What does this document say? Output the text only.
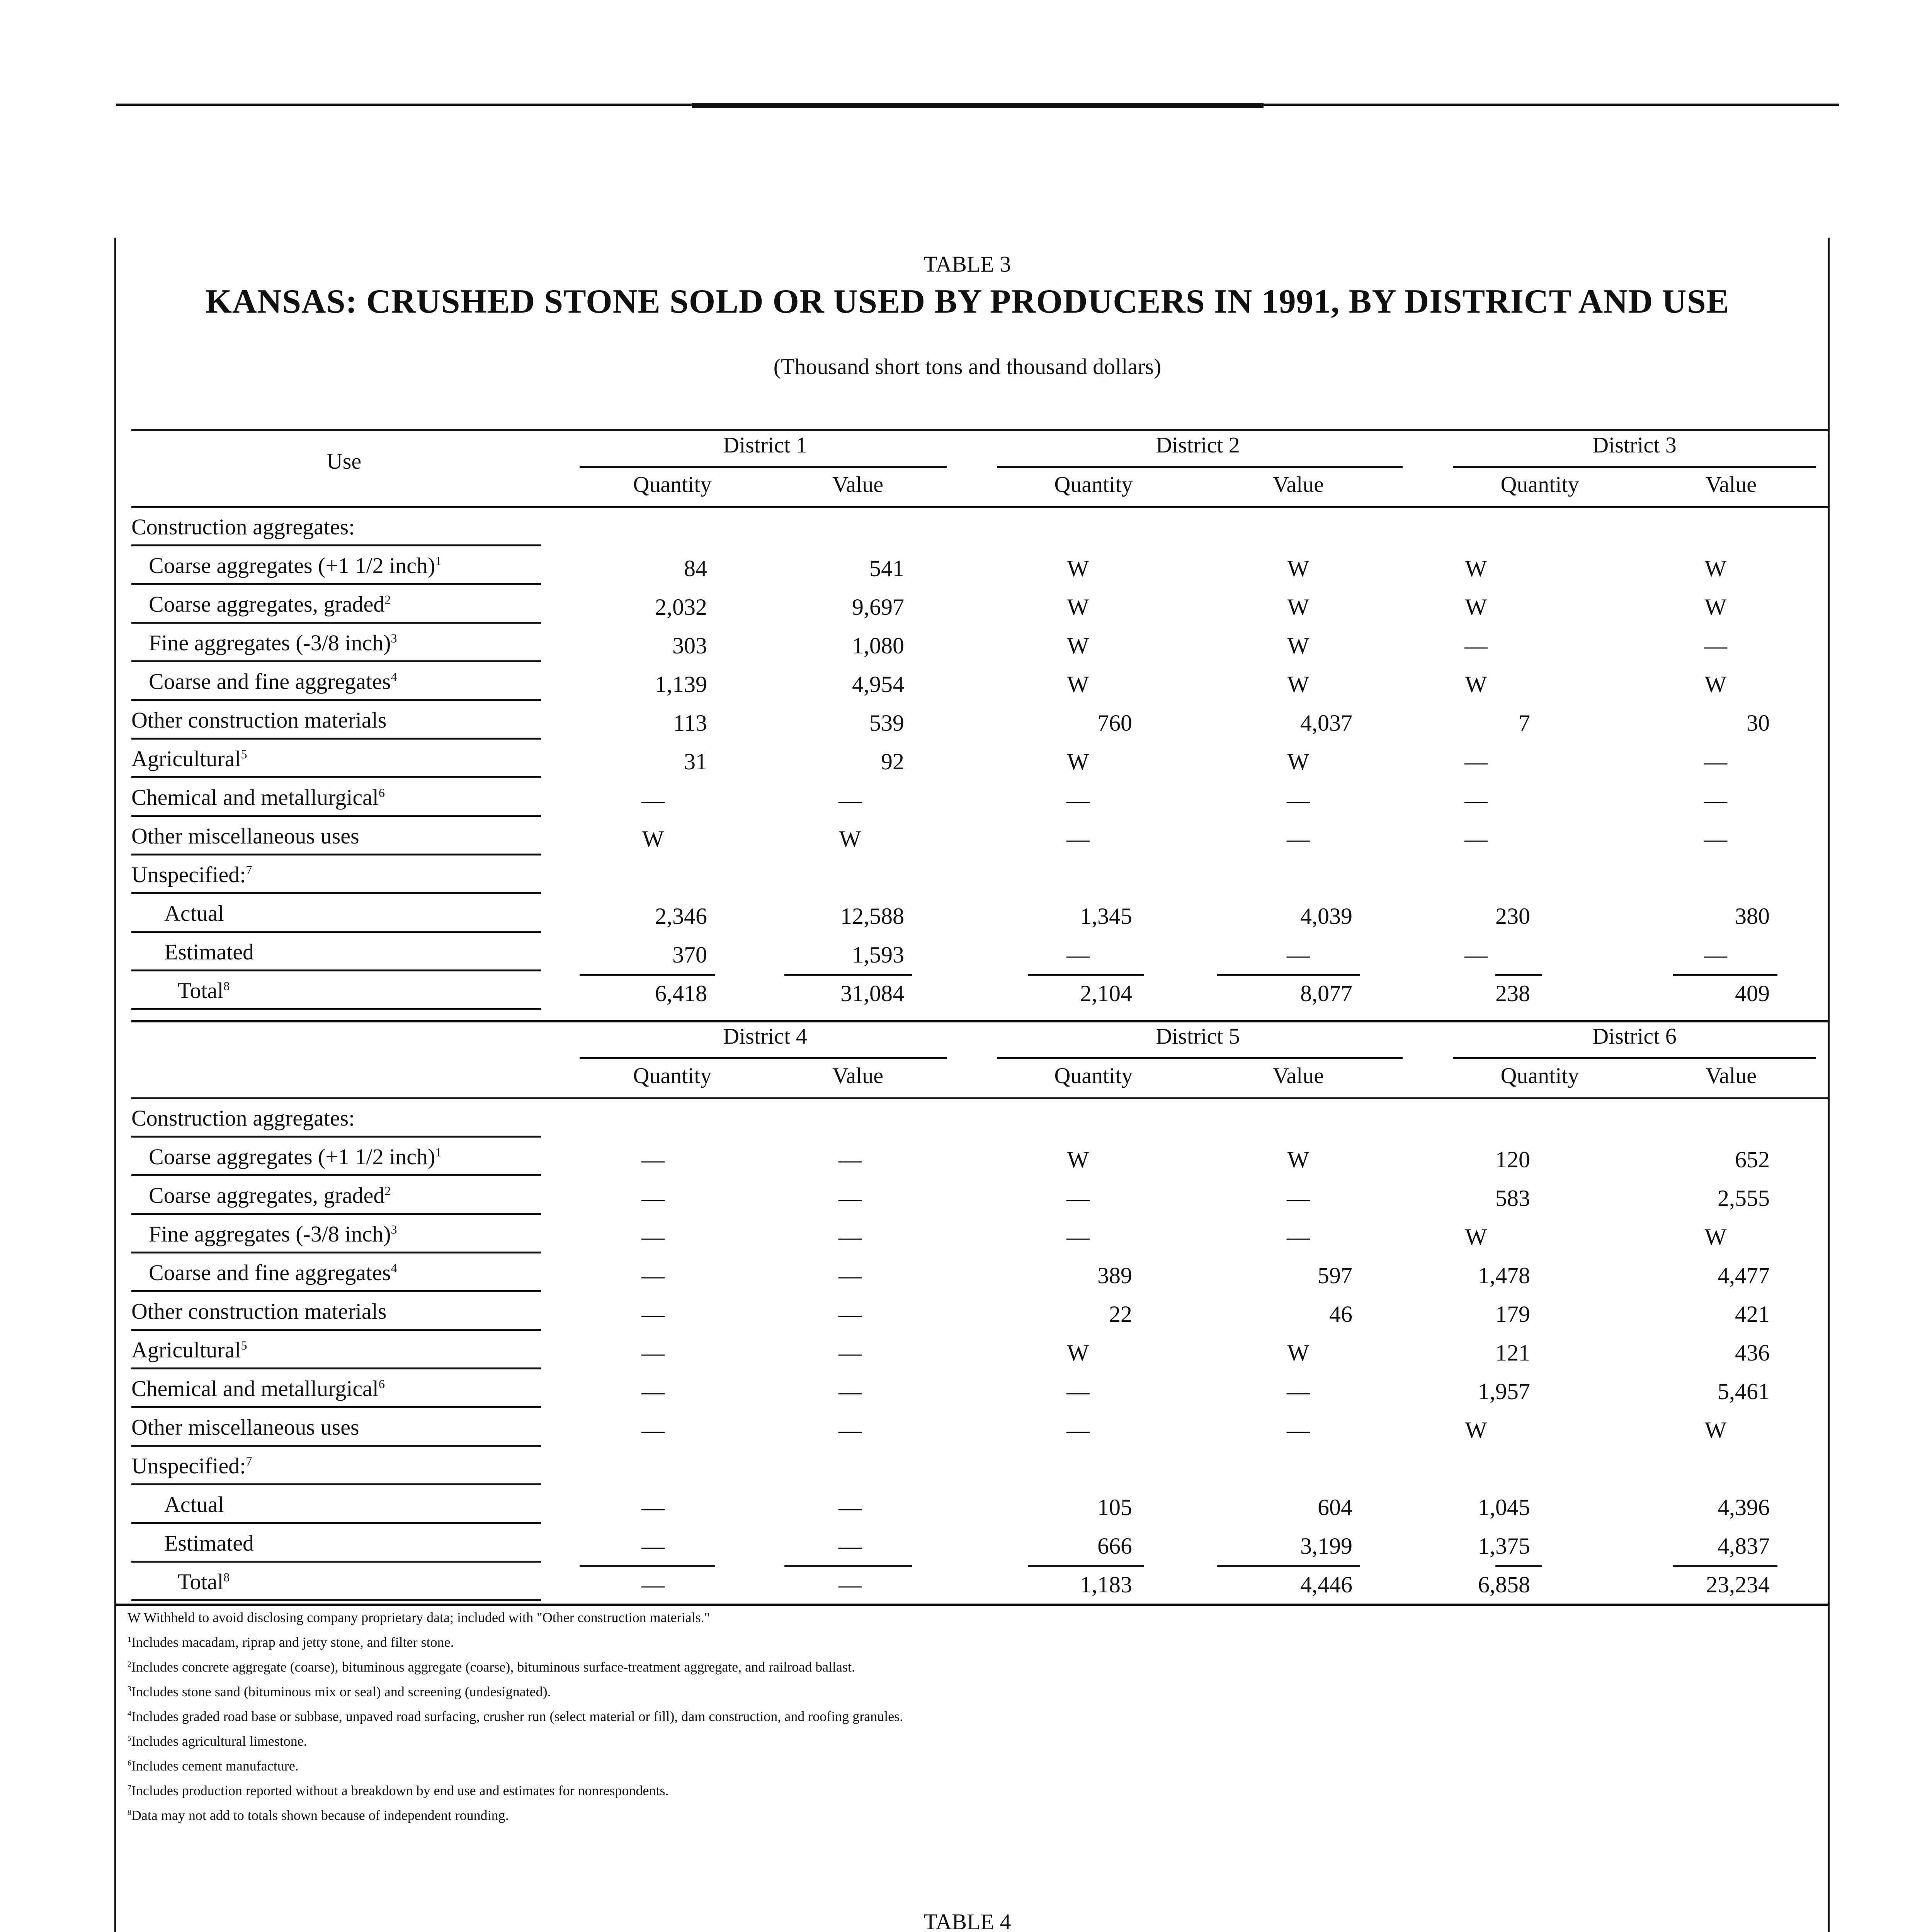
TABLE 3
KANSAS: CRUSHED STONE SOLD OR USED BY PRODUCERS IN 1991, BY DISTRICT AND USE
(Thousand short tons and thousand dollars)
Use
District 1
Quantity	Value
District 2
Quantity	Value
District 3
Quantity	Value
Construction aggregates:
Coarse aggregates (+1 1/2 inch)$^1$	84	541	W	W	W	W
Coarse aggregates, graded$^2$	2,032	9,697	W	W	W	W
Fine aggregates (-3/8 inch)$^3$	303	1,080	W	W	—	—
Coarse and fine aggregates$^4$	1,139	4,954	W	W	W	W
Other construction materials	113	539	760	4,037	7	30
Agricultural$^5$	31	92	W	W	—	—
Chemical and metallurgical$^6$	—	—	—	—	—	—
Other miscellaneous uses	W	W	—	—	—	—
Unspecified:$^7$
Actual	2,346	12,588	1,345	4,039	230	380
Estimated	370	1,593	—	—	—	—
Total$^8$	6,418	31,084	2,104	8,077	238	409
District 4
Quantity	Value
District 5
Quantity	Value
District 6
Quantity	Value
Construction aggregates:
Coarse aggregates (+1 1/2 inch)$^1$	—	—	W	W	120	652
Coarse aggregates, graded$^2$	—	—	—	—	583	2,555
Fine aggregates (-3/8 inch)$^3$	—	—	—	—	W	W
Coarse and fine aggregates$^4$	—	—	389	597	1,478	4,477
Other construction materials	—	—	22	46	179	421
Agricultural$^5$	—	—	W	W	121	436
Chemical and metallurgical$^6$	—	—	—	—	1,957	5,461
Other miscellaneous uses	—	—	—	—	W	W
Unspecified:$^7$
Actual	—	—	105	604	1,045	4,396
Estimated	—	—	666	3,199	1,375	4,837
Total$^8$	—	—	1,183	4,446	6,858	23,234
W Withheld to avoid disclosing company proprietary data; included with "Other construction materials."
$^1$Includes macadam, riprap and jetty stone, and filter stone.
$^2$Includes concrete aggregate (coarse), bituminous aggregate (coarse), bituminous surface-treatment aggregate, and railroad ballast.
$^3$Includes stone sand (bituminous mix or seal) and screening (undesignated).
$^4$Includes graded road base or subbase, unpaved road surfacing, crusher run (select material or fill), dam construction, and roofing granules.
$^5$Includes agricultural limestone.
$^6$Includes cement manufacture.
$^7$Includes production reported without a breakdown by end use and estimates for nonrespondents.
$^8$Data may not add to totals shown because of independent rounding.
TABLE 4
